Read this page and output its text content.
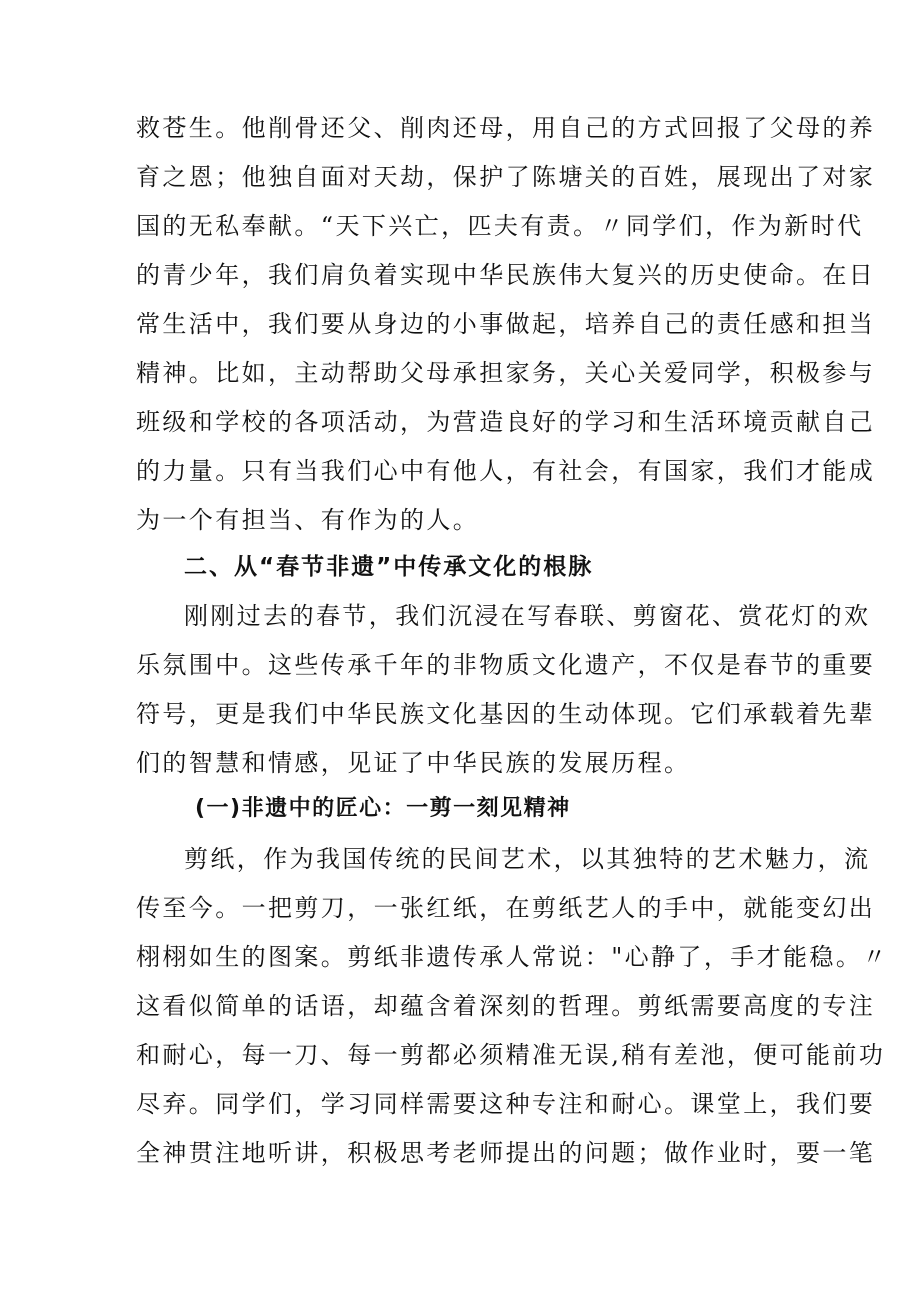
救苍生。他削骨还父、削肉还母，用自己的方式回报了父母的养
育之恩；他独自面对天劫，保护了陈塘关的百姓，展现出了对家
国的无私奉献。“天下兴亡，匹夫有责。〃同学们，作为新时代
的青少年，我们肩负着实现中华民族伟大复兴的历史使命。在日
常生活中，我们要从身边的小事做起，培养自己的责任感和担当
精神。比如，主动帮助父母承担家务，关心关爱同学，积极参与
班级和学校的各项活动，为营造良好的学习和生活环境贡献自己
的力量。只有当我们心中有他人，有社会，有国家，我们才能成
为一个有担当、有作为的人。
二、从“春节非遗”中传承文化的根脉
刚刚过去的春节，我们沉浸在写春联、剪窗花、赏花灯的欢
乐氛围中。这些传承千年的非物质文化遗产，不仅是春节的重要
符号，更是我们中华民族文化基因的生动体现。它们承载着先辈
们的智慧和情感，见证了中华民族的发展历程。
(一)非遗中的匠心：一剪一刻见精神
剪纸，作为我国传统的民间艺术，以其独特的艺术魅力，流
传至今。一把剪刀，一张红纸，在剪纸艺人的手中，就能变幻出
栩栩如生的图案。剪纸非遗传承人常说："心静了，手才能稳。〃
这看似简单的话语，却蕴含着深刻的哲理。剪纸需要高度的专注
和耐心，每一刀、每一剪都必须精准无误,稍有差池，便可能前功
尽弃。同学们，学习同样需要这种专注和耐心。课堂上，我们要
全神贯注地听讲，积极思考老师提出的问题；做作业时，要一笔
